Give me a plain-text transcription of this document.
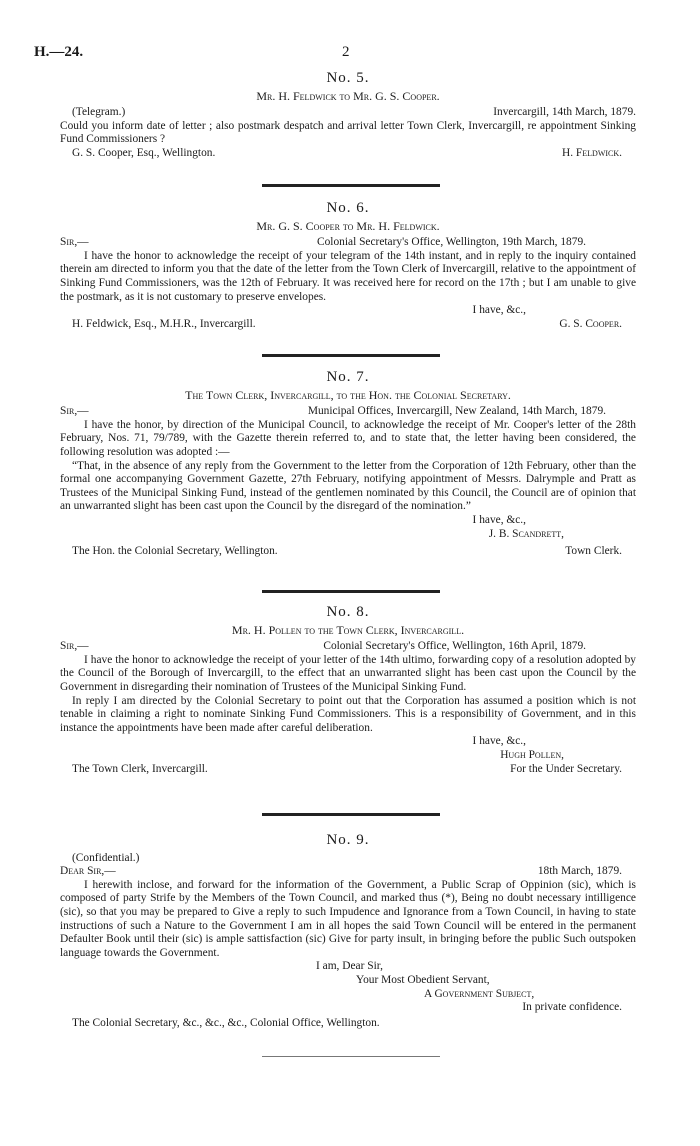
H.—24.	2
No. 5.
Mr. H. Feldwick to Mr. G. S. Cooper.
(Telegram.)	Invercargill, 14th March, 1879.
Could you inform date of letter ; also postmark despatch and arrival letter Town Clerk, Invercargill, re appointment Sinking Fund Commissioners ?
G. S. Cooper, Esq., Wellington.	H. Feldwick.
No. 6.
Mr. G. S. Cooper to Mr. H. Feldwick.
Sir,—	Colonial Secretary's Office, Wellington, 19th March, 1879.
I have the honor to acknowledge the receipt of your telegram of the 14th instant, and in reply to the inquiry contained therein am directed to inform you that the date of the letter from the Town Clerk of Invercargill, relative to the appointment of Sinking Fund Commissioners, was the 12th of February. It was received here for record on the 17th ; but I am unable to give the postmark, as it is not customary to preserve envelopes.
I have, &c.,
H. Feldwick, Esq., M.H.R., Invercargill.	G. S. Cooper.
No. 7.
The Town Clerk, Invercargill, to the Hon. the Colonial Secretary.
Sir,—	Municipal Offices, Invercargill, New Zealand, 14th March, 1879.
I have the honor, by direction of the Municipal Council, to acknowledge the receipt of Mr. Cooper's letter of the 28th February, Nos. 71, 79/789, with the Gazette therein referred to, and to state that, the letter having been considered, the following resolution was adopted :—
“That, in the absence of any reply from the Government to the letter from the Corporation of 12th February, other than the formal one accompanying Government Gazette, 27th February, notifying appointment of Messrs. Dalrymple and Pratt as Trustees of the Municipal Sinking Fund, instead of the gentlemen nominated by this Council, the Council are of opinion that an unwarranted slight has been cast upon the Council by the disregard of the nomination.”
I have, &c.,
J. B. Scandrett,
The Hon. the Colonial Secretary, Wellington.	Town Clerk.
No. 8.
Mr. H. Pollen to the Town Clerk, Invercargill.
Sir,—	Colonial Secretary's Office, Wellington, 16th April, 1879.
I have the honor to acknowledge the receipt of your letter of the 14th ultimo, forwarding copy of a resolution adopted by the Council of the Borough of Invercargill, to the effect that an unwarranted slight has been cast upon the Council by the Government in disregarding their nomination of Trustees of the Municipal Sinking Fund.
In reply I am directed by the Colonial Secretary to point out that the Corporation has assumed a position which is not tenable in claiming a right to nominate Sinking Fund Commissioners. This is a responsibility of Government, and in this instance the appointments have been made after careful deliberation.
I have, &c.,
Hugh Pollen,
The Town Clerk, Invercargill.	For the Under Secretary.
No. 9.
(Confidential.)
Dear Sir,—	18th March, 1879.
I herewith inclose, and forward for the information of the Government, a Public Scrap of Oppinion (sic), which is composed of party Strife by the Members of the Town Council, and marked thus (*), Being no doubt necessary intilligence (sic), so that you may be prepared to Give a reply to such Impudence and Ignorance from a Town Council, in having to state instructions of such a Nature to the Government I am in all hopes the said Town Council will be entered in the permanent Defaulter Book until their (sic) is ample sattisfaction (sic) Give for party insult, in bringing before the public Such outspoken language towards the Government.
I am, Dear Sir,
Your Most Obedient Servant,
A Government Subject,
In private confidence.
The Colonial Secretary, &c., &c., &c., Colonial Office, Wellington.
